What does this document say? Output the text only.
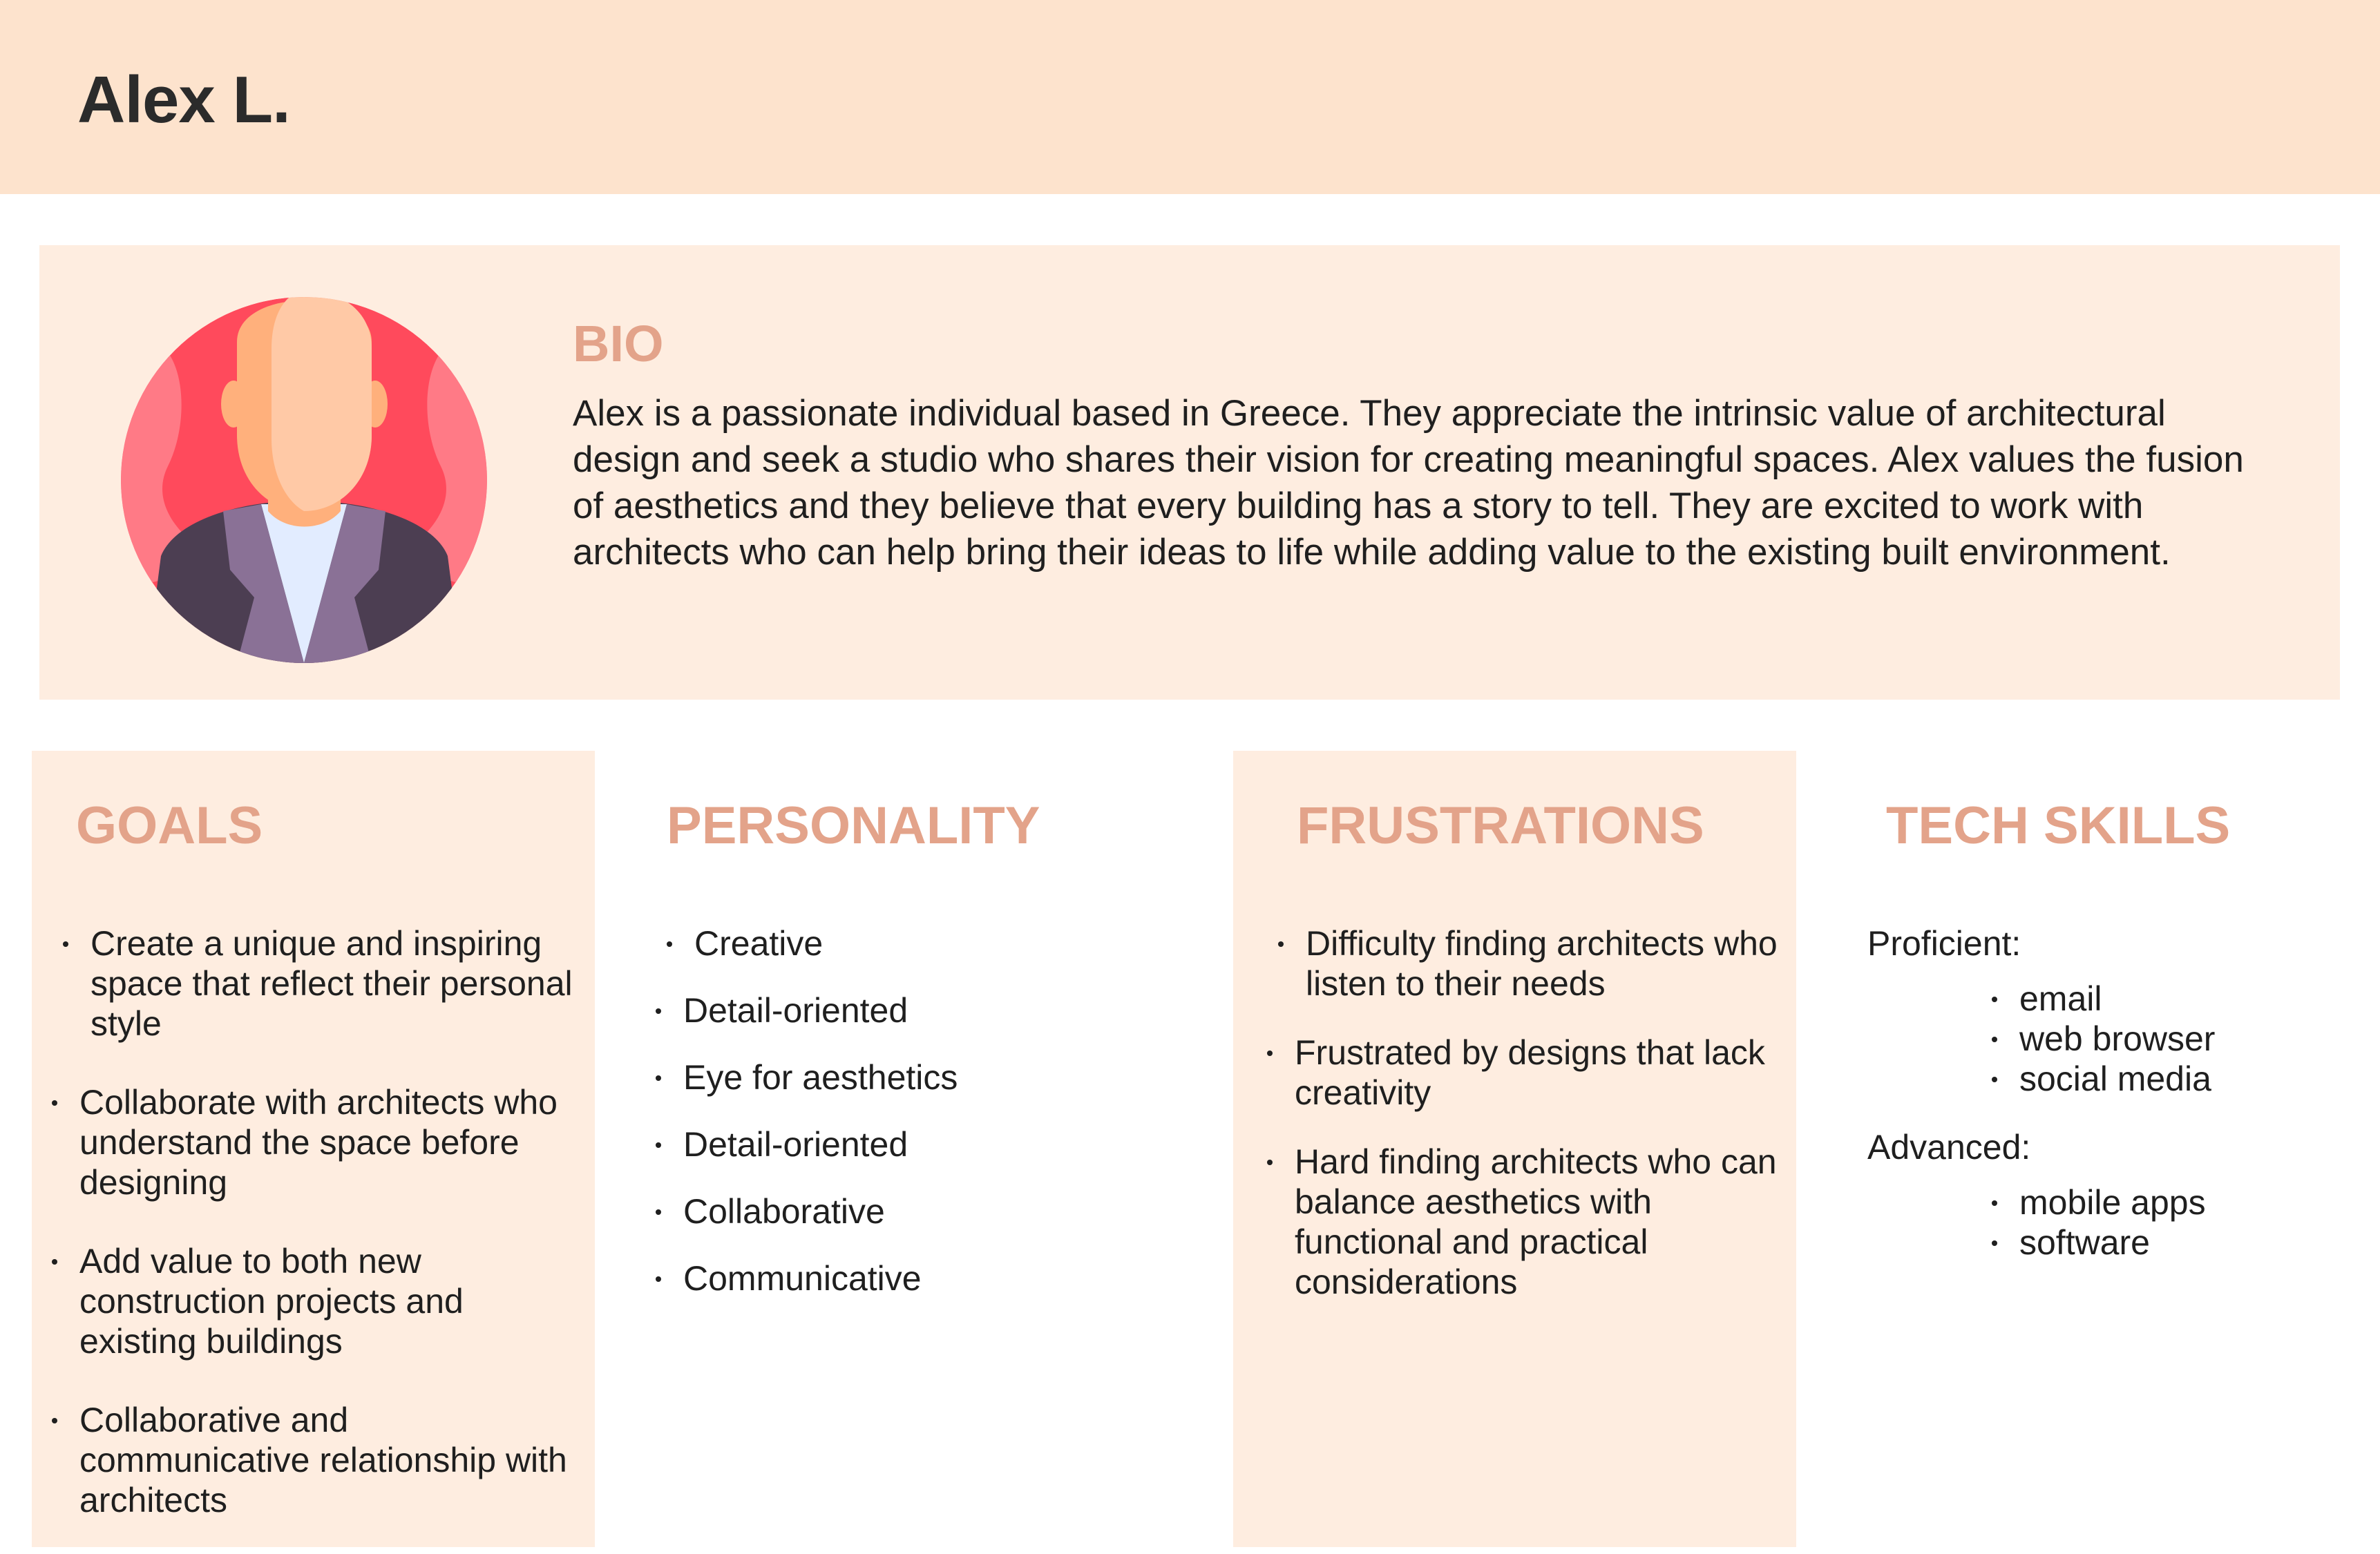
Alex L.
BIO

Alex is a passionate individual based in Greece. They appreciate the intrinsic value of architectural design and seek a studio who shares their vision for creating meaningful spaces. Alex values the fusion of aesthetics and they believe that every building has a story to tell. They are excited to work with architects who can help bring their ideas to life while adding value to the existing built environment.

GOALS
Create a unique and inspiring space that reflect their personal style
Collaborate with architects who understand the space before designing
Add value to both new construction projects and existing buildings
Collaborative and communicative relationship with architects
PERSONALITY
Creative
Detail-oriented
Eye for aesthetics
Detail-oriented
Collaborative
Communicative
FRUSTRATIONS
Difficulty finding architects who listen to their needs
Frustrated by designs that lack creativity
Hard finding architects who can balance aesthetics with functional and practical considerations
TECH SKILLS

Proficient:

email
web browser
social media

Advanced:

mobile apps
software
